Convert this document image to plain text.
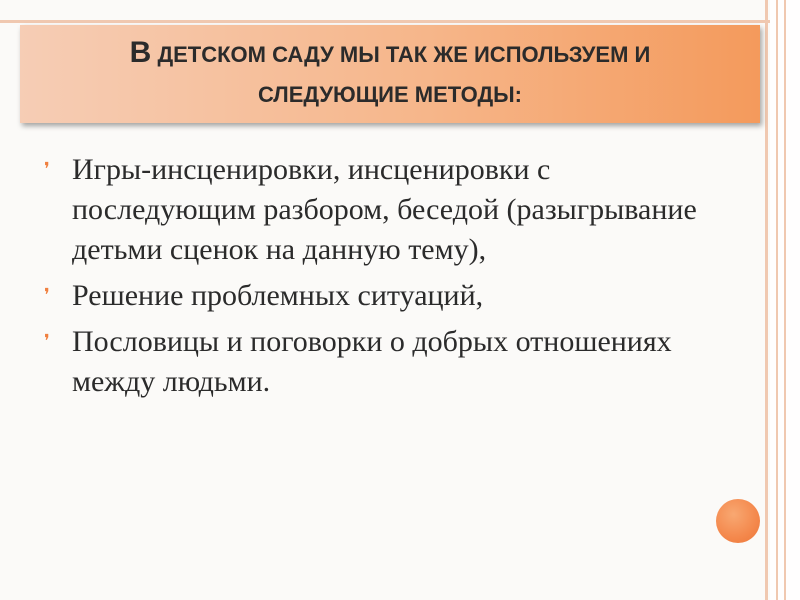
В ДЕТСКОМ САДУ МЫ ТАК ЖЕ ИСПОЛЬЗУЕМ И
СЛЕДУЮЩИЕ МЕТОДЫ:
❜ Игры-инсценировки, инсценировки с последующим разбором, беседой (разыгрывание детьми сценок на данную тему),
❜ Решение проблемных ситуаций,
❜ Пословицы и поговорки о добрых отношениях между людьми.
